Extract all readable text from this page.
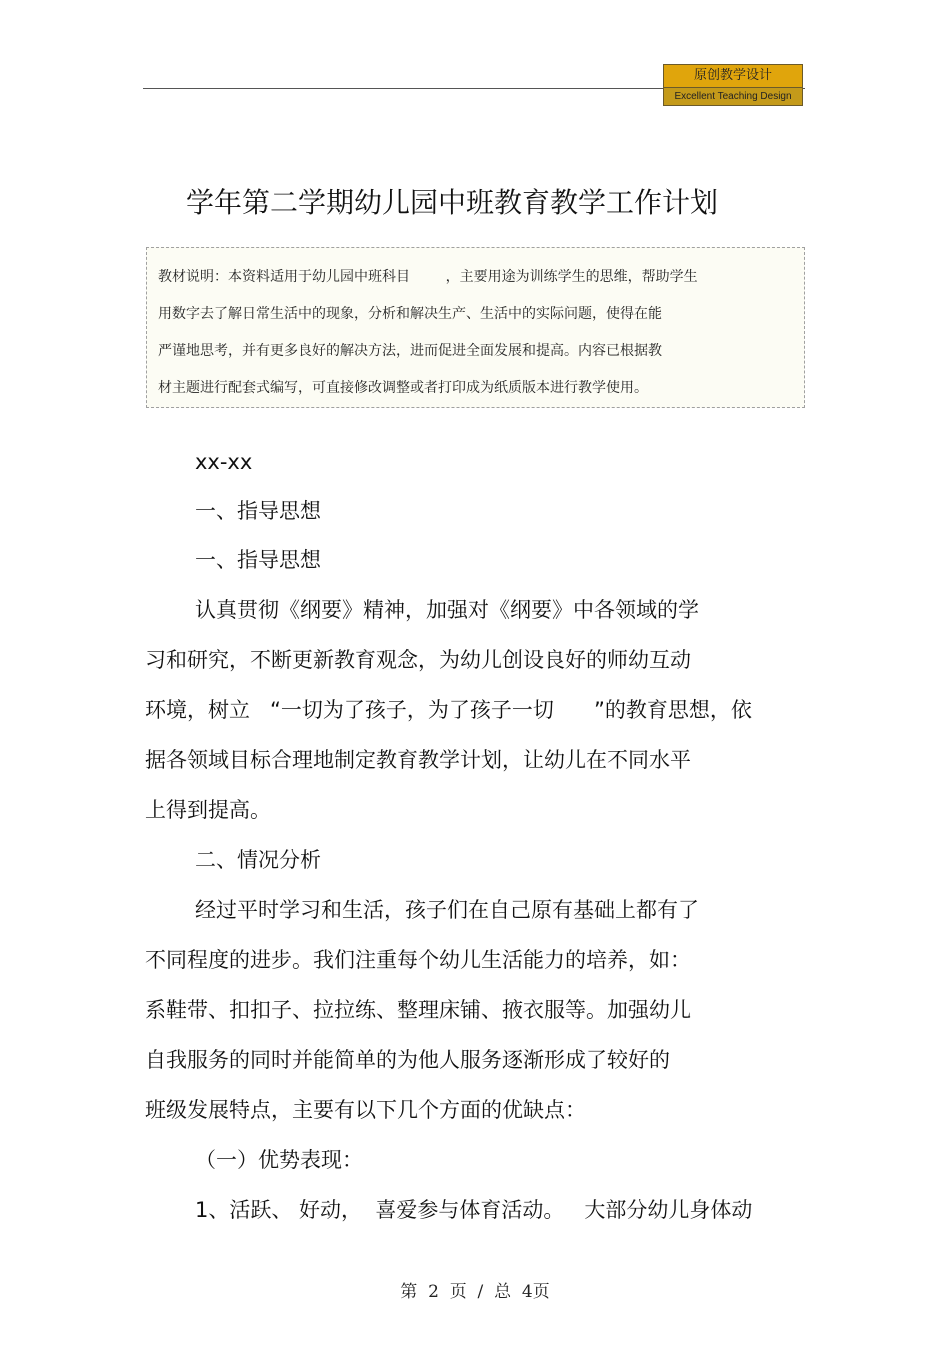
原创教学设计
Excellent Teaching Design
学年第二学期幼儿园中班教育教学工作计划
教材说明：本资料适用于幼儿园中班科目        ，主要用途为训练学生的思维，帮助学生
用数字去了解日常生活中的现象，分析和解决生产、生活中的实际问题，使得在能
严谨地思考，并有更多良好的解决方法，进而促进全面发展和提高。内容已根据教
材主题进行配套式编写，可直接修改调整或者打印成为纸质版本进行教学使用。
xx-xx
一、指导思想
一、指导思想
认真贯彻《纲要》精神，加强对《纲要》中各领域的学
习和研究，不断更新教育观念，为幼儿创设良好的师幼互动
环境，树立   “一切为了孩子，为了孩子一切      ”的教育思想，依
据各领域目标合理地制定教育教学计划，让幼儿在不同水平
上得到提高。
二、情况分析
经过平时学习和生活，孩子们在自己原有基础上都有了
不同程度的进步。我们注重每个幼儿生活能力的培养，如：
系鞋带、扣扣子、拉拉练、整理床铺、掖衣服等。加强幼儿
自我服务的同时并能简单的为他人服务逐渐形成了较好的
班级发展特点，主要有以下几个方面的优缺点：
（一）优势表现：
1、活跃、 好动，  喜爱参与体育活动。   大部分幼儿身体动
第  2  页  /  总  4页
